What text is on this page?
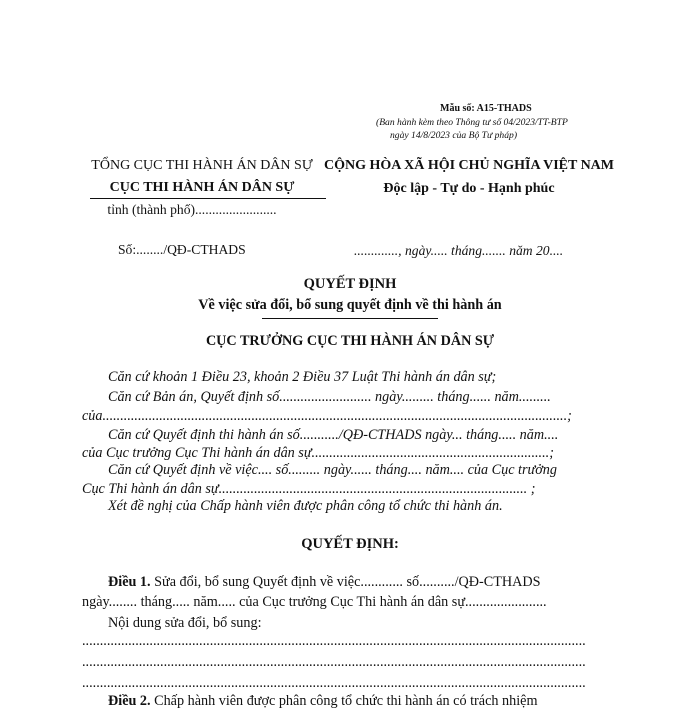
Mẫu số: A15-THADS
(Ban hành kèm theo Thông tư số 04/2023/TT-BTP
ngày 14/8/2023 của Bộ Tư pháp)
TỔNG CỤC THI HÀNH ÁN DÂN SỰ
CỤC THI HÀNH ÁN DÂN SỰ
tỉnh (thành phố)........................
CỘNG HÒA XÃ HỘI CHỦ NGHĨA VIỆT NAM
Độc lập - Tự do - Hạnh phúc
Số:......../QĐ-CTHADS	............., ngày..... tháng....... năm 20....
QUYẾT ĐỊNH
Về việc sửa đổi, bổ sung quyết định về thi hành án
CỤC TRƯỞNG CỤC THI HÀNH ÁN DÂN SỰ
Căn cứ khoản 1 Điều 23, khoản 2 Điều 37 Luật Thi hành án dân sự;
Căn cứ Bản án, Quyết định số.......................... ngày......... tháng...... năm.........
của...................................................................................................................................;
Căn cứ Quyết định thi hành án số.........../QĐ-CTHADS ngày... tháng..... năm....
của Cục trưởng Cục Thi hành án dân sự...................................................................;
Căn cứ Quyết định về việc.... số......... ngày...... tháng.... năm.... của Cục trưởng
Cục Thi hành án dân sự....................................................................................... ;
Xét đề nghị của Chấp hành viên được phân công tổ chức thi hành án.
QUYẾT ĐỊNH:
Điều 1. Sửa đổi, bổ sung Quyết định về việc............ số........../QĐ-CTHADS
ngày........ tháng..... năm..... của Cục trưởng Cục Thi hành án dân sự.......................
Nội dung sửa đổi, bổ sung:
..............................................................................................................................................
..............................................................................................................................................
..............................................................................................................................................
Điều 2. Chấp hành viên được phân công tổ chức thi hành án có trách nhiệm
